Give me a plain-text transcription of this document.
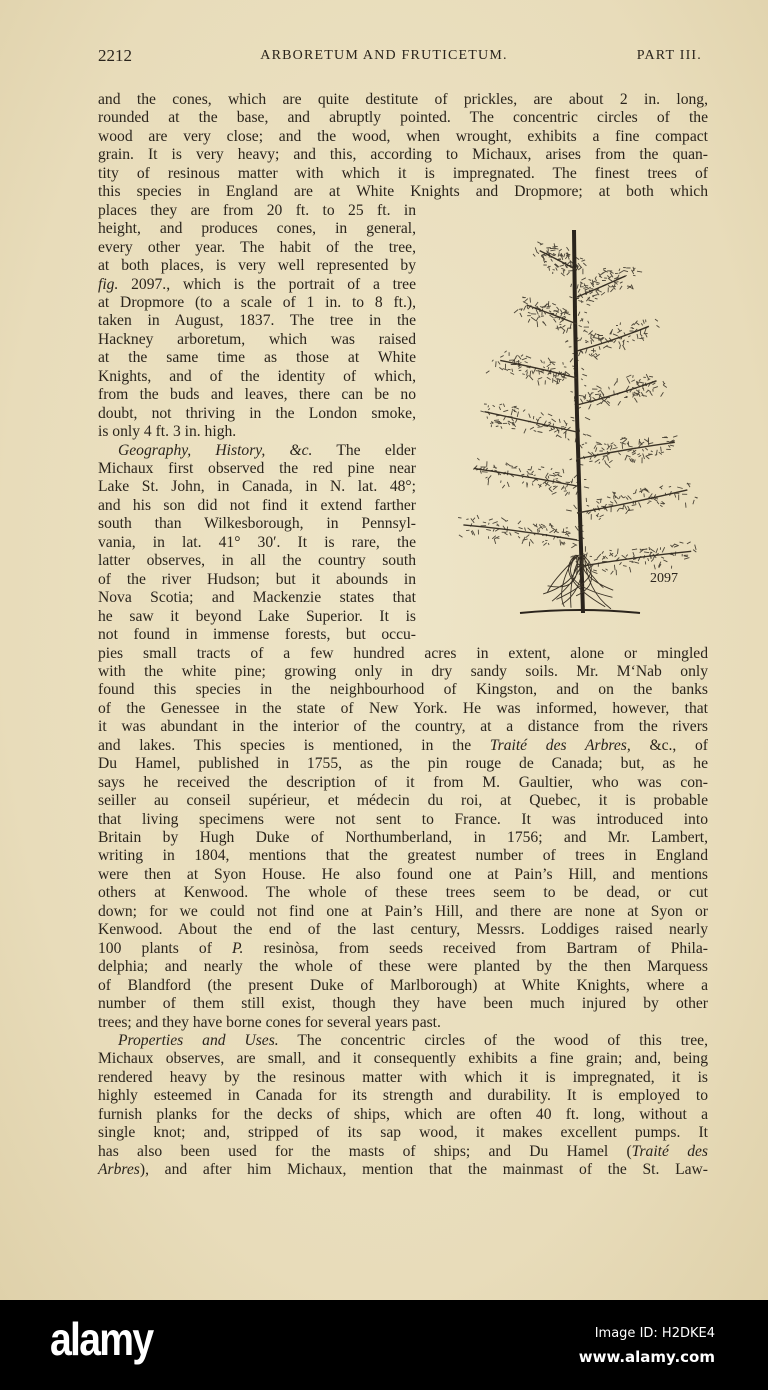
2212	ARBORETUM AND FRUTICETUM.	PART III.
and the cones, which are quite destitute of prickles, are about 2 in. long,
rounded at the base, and abruptly pointed. The concentric circles of the
wood are very close; and the wood, when wrought, exhibits a fine compact
grain. It is very heavy; and this, according to Michaux, arises from the quan-
tity of resinous matter with which it is impregnated. The finest trees of
this species in England are at White Knights and Dropmore; at both which
places they are from 20 ft. to 25 ft. in
height, and produces cones, in general,
every other year. The habit of the tree,
at both places, is very well represented by
fig. 2097., which is the portrait of a tree
at Dropmore (to a scale of 1 in. to 8 ft.),
taken in August, 1837. The tree in the
Hackney arboretum, which was raised
at the same time as those at White
Knights, and of the identity of which,
from the buds and leaves, there can be no
doubt, not thriving in the London smoke,
is only 4 ft. 3 in. high.
Geography, History, &c. The elder
Michaux first observed the red pine near
Lake St. John, in Canada, in N. lat. 48°;
and his son did not find it extend farther
south than Wilkesborough, in Pennsyl-
vania, in lat. 41° 30′. It is rare, the
latter observes, in all the country south
of the river Hudson; but it abounds in
Nova Scotia; and Mackenzie states that
he saw it beyond Lake Superior. It is
not found in immense forests, but occu-
pies small tracts of a few hundred acres in extent, alone or mingled
with the white pine; growing only in dry sandy soils. Mr. M‘Nab only
found this species in the neighbourhood of Kingston, and on the banks
of the Genessee in the state of New York. He was informed, however, that
it was abundant in the interior of the country, at a distance from the rivers
and lakes. This species is mentioned, in the Traité des Arbres, &c., of
Du Hamel, published in 1755, as the pin rouge de Canada; but, as he
says he received the description of it from M. Gaultier, who was con-
seiller au conseil supérieur, et médecin du roi, at Quebec, it is probable
that living specimens were not sent to France. It was introduced into
Britain by Hugh Duke of Northumberland, in 1756; and Mr. Lambert,
writing in 1804, mentions that the greatest number of trees in England
were then at Syon House. He also found one at Pain’s Hill, and mentions
others at Kenwood. The whole of these trees seem to be dead, or cut
down; for we could not find one at Pain’s Hill, and there are none at Syon or
Kenwood. About the end of the last century, Messrs. Loddiges raised nearly
100 plants of P. resinòsa, from seeds received from Bartram of Phila-
delphia; and nearly the whole of these were planted by the then Marquess
of Blandford (the present Duke of Marlborough) at White Knights, where a
number of them still exist, though they have been much injured by other
trees; and they have borne cones for several years past.
Properties and Uses. The concentric circles of the wood of this tree,
Michaux observes, are small, and it consequently exhibits a fine grain; and, being
rendered heavy by the resinous matter with which it is impregnated, it is
highly esteemed in Canada for its strength and durability. It is employed to
furnish planks for the decks of ships, which are often 40 ft. long, without a
single knot; and, stripped of its sap wood, it makes excellent pumps. It
has also been used for the masts of ships; and Du Hamel (Traité des
Arbres), and after him Michaux, mention that the mainmast of the St. Law-
2097
alamy	Image ID: H2DKE4
www.alamy.com
